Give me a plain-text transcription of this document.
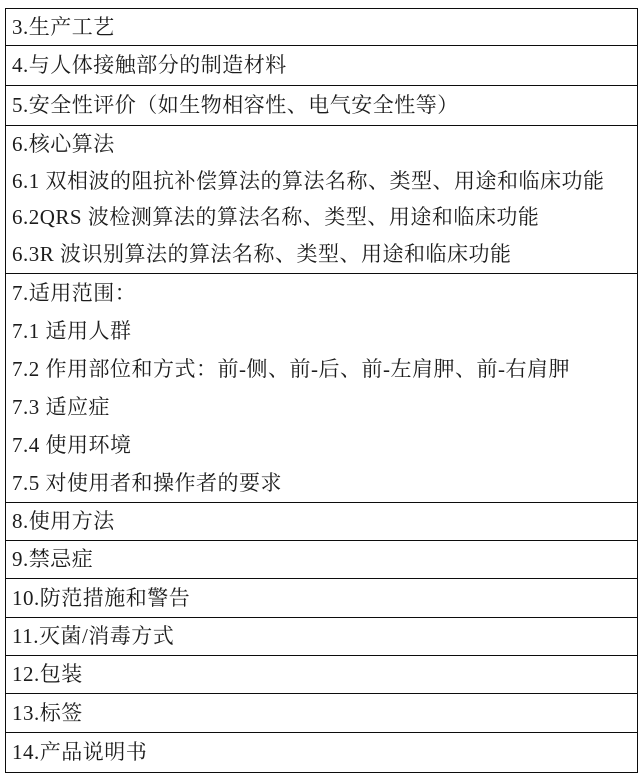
3.生产工艺
4.与人体接触部分的制造材料
5.安全性评价（如生物相容性、电气安全性等）
6.核心算法
6.1 双相波的阻抗补偿算法的算法名称、类型、用途和临床功能
6.2QRS 波检测算法的算法名称、类型、用途和临床功能
6.3R 波识别算法的算法名称、类型、用途和临床功能
7.适用范围：
7.1 适用人群
7.2 作用部位和方式：前-侧、前-后、前-左肩胛、前-右肩胛
7.3 适应症
7.4 使用环境
7.5 对使用者和操作者的要求
8.使用方法
9.禁忌症
10.防范措施和警告
11.灭菌/消毒方式
12.包装
13.标签
14.产品说明书
